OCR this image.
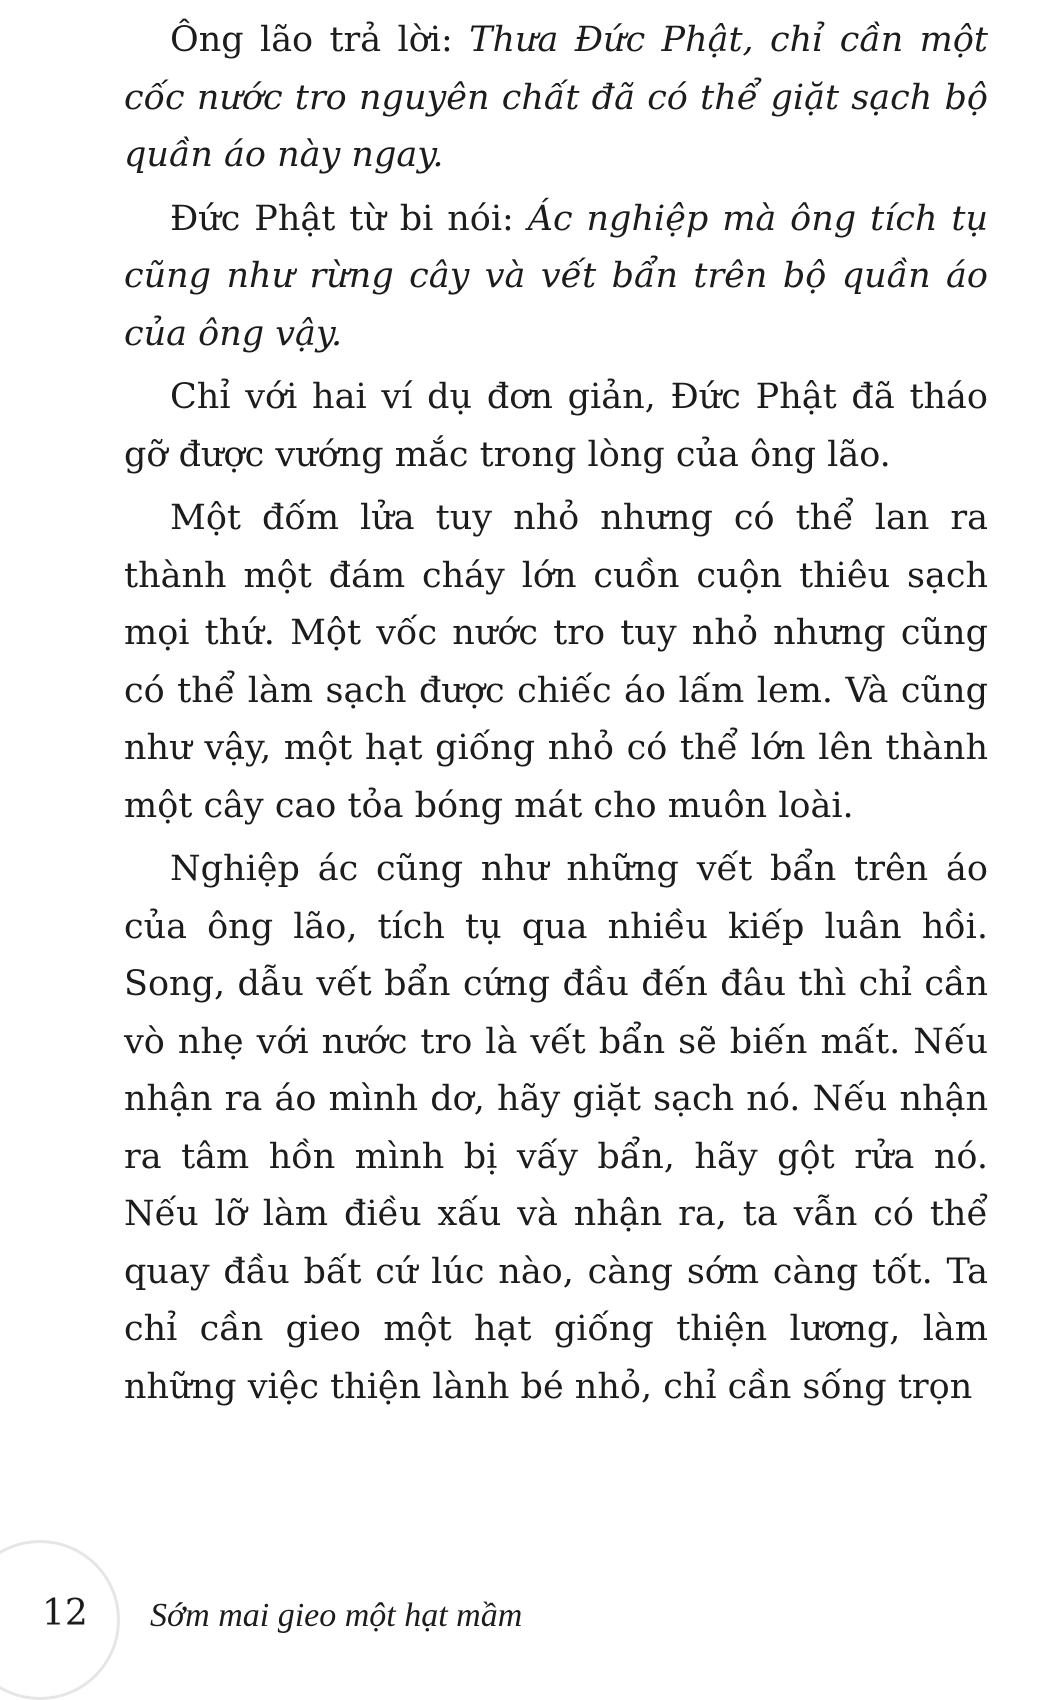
Ông lão trả lời: Thưa Đức Phật, chỉ cần một cốc nước tro nguyên chất đã có thể giặt sạch bộ quần áo này ngay.

Đức Phật từ bi nói: Ác nghiệp mà ông tích tụ cũng như rừng cây và vết bẩn trên bộ quần áo của ông vậy.

Chỉ với hai ví dụ đơn giản, Đức Phật đã tháo gỡ được vướng mắc trong lòng của ông lão.

Một đốm lửa tuy nhỏ nhưng có thể lan ra thành một đám cháy lớn cuồn cuộn thiêu sạch mọi thứ. Một vốc nước tro tuy nhỏ nhưng cũng có thể làm sạch được chiếc áo lấm lem. Và cũng như vậy, một hạt giống nhỏ có thể lớn lên thành một cây cao tỏa bóng mát cho muôn loài.

Nghiệp ác cũng như những vết bẩn trên áo của ông lão, tích tụ qua nhiều kiếp luân hồi. Song, dẫu vết bẩn cứng đầu đến đâu thì chỉ cần vò nhẹ với nước tro là vết bẩn sẽ biến mất. Nếu nhận ra áo mình dơ, hãy giặt sạch nó. Nếu nhận ra tâm hồn mình bị vấy bẩn, hãy gột rửa nó. Nếu lỡ làm điều xấu và nhận ra, ta vẫn có thể quay đầu bất cứ lúc nào, càng sớm càng tốt. Ta chỉ cần gieo một hạt giống thiện lương, làm những việc thiện lành bé nhỏ, chỉ cần sống trọn

12 Sớm mai gieo một hạt mầm
